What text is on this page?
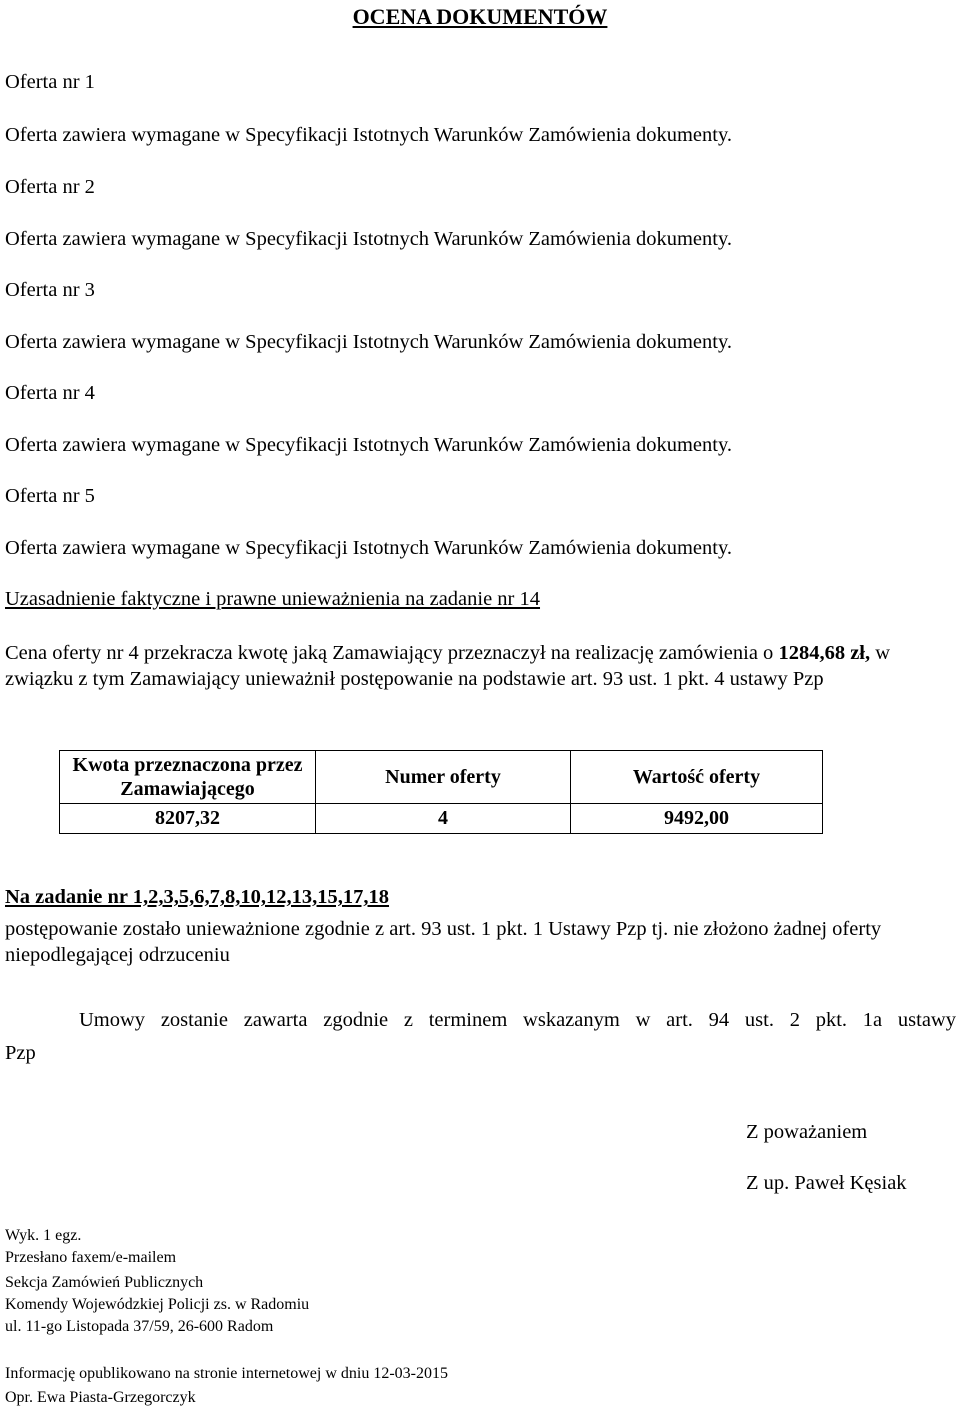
OCENA DOKUMENTÓW
Oferta nr 1
Oferta zawiera wymagane w Specyfikacji Istotnych Warunków Zamówienia dokumenty.
Oferta nr 2
Oferta zawiera wymagane w Specyfikacji Istotnych Warunków Zamówienia dokumenty.
Oferta nr 3
Oferta zawiera wymagane w Specyfikacji Istotnych Warunków Zamówienia dokumenty.
Oferta nr 4
Oferta zawiera wymagane w Specyfikacji Istotnych Warunków Zamówienia dokumenty.
Oferta nr 5
Oferta zawiera wymagane w Specyfikacji Istotnych Warunków Zamówienia dokumenty.
Uzasadnienie faktyczne i prawne unieważnienia na zadanie nr 14
Cena oferty nr 4 przekracza kwotę jaką Zamawiający przeznaczył na realizację zamówienia o 1284,68 zł, w związku z tym Zamawiający unieważnił postępowanie na podstawie art. 93 ust. 1 pkt. 4 ustawy Pzp
Kwota przeznaczona przez Zamawiającego	Numer oferty	Wartość oferty
8207,32	4	9492,00
Na zadanie nr 1,2,3,5,6,7,8,10,12,13,15,17,18
postępowanie zostało unieważnione zgodnie z art. 93 ust. 1 pkt. 1 Ustawy Pzp tj. nie złożono żadnej oferty niepodlegającej odrzuceniu
Umowy zostanie zawarta zgodnie z terminem wskazanym w art. 94 ust. 2 pkt. 1a ustawy
Pzp
Z poważaniem
Z up. Paweł Kęsiak
Wyk. 1 egz.
Przesłano faxem/e-mailem
Sekcja Zamówień Publicznych
Komendy Wojewódzkiej Policji zs. w Radomiu
ul. 11-go Listopada 37/59, 26-600 Radom
Informację opublikowano na stronie internetowej w dniu 12-03-2015
Opr. Ewa Piasta-Grzegorczyk
